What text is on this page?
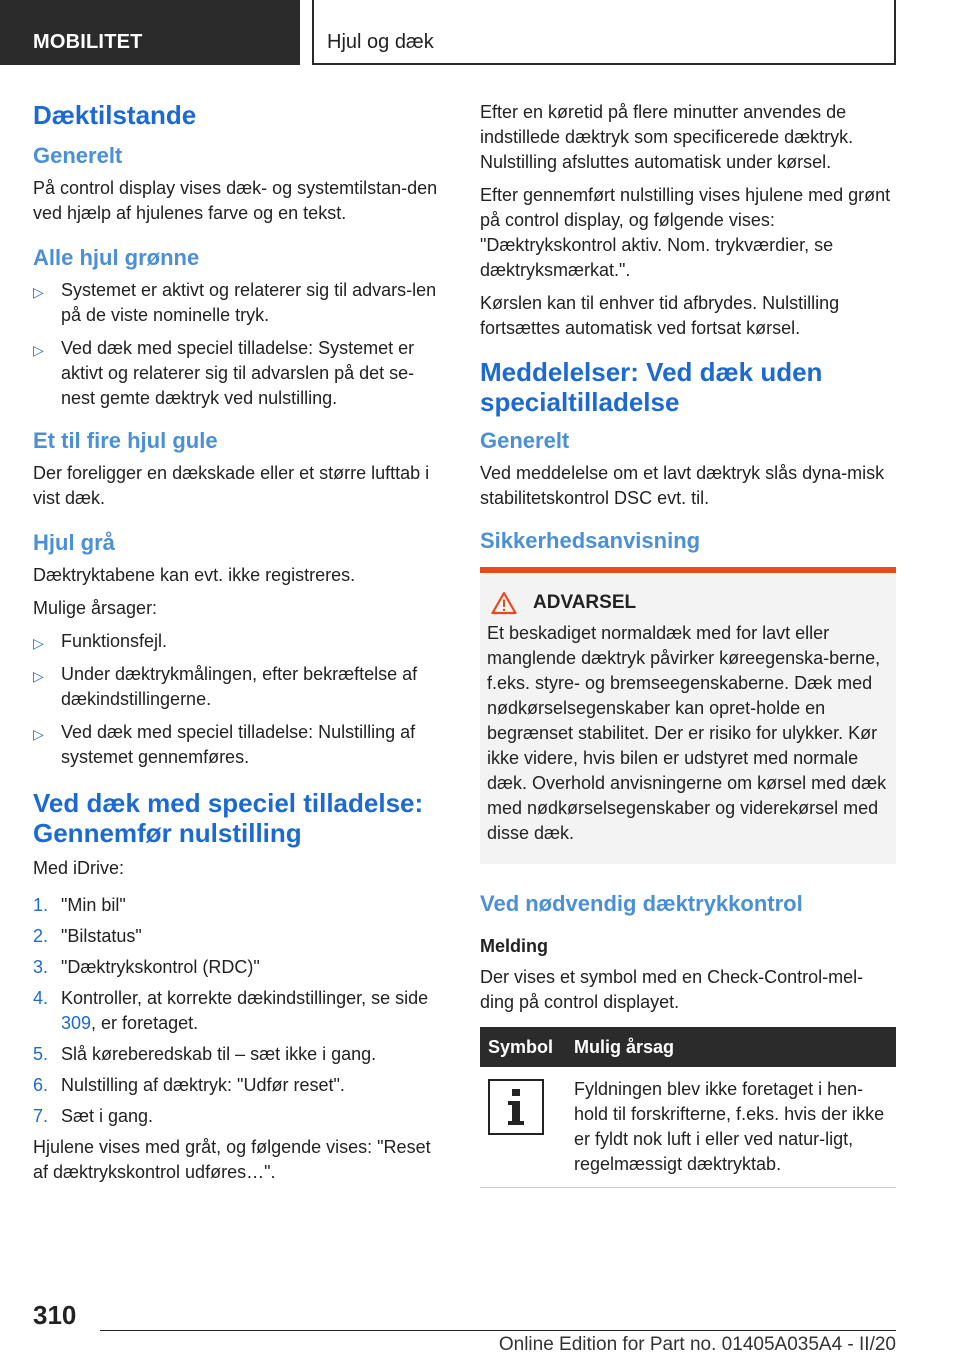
MOBILITET	Hjul og dæk
Dæktilstande
Generelt
På control display vises dæk- og systemtilstan-den ved hjælp af hjulenes farve og en tekst.
Alle hjul grønne
▷ Systemet er aktivt og relaterer sig til advars-len på de viste nominelle tryk.
▷ Ved dæk med speciel tilladelse: Systemet er aktivt og relaterer sig til advarslen på det se-nest gemte dæktryk ved nulstilling.
Et til fire hjul gule
Der foreligger en dækskade eller et større lufttab i vist dæk.
Hjul grå
Dæktryktabene kan evt. ikke registreres.
Mulige årsager:
▷ Funktionsfejl.
▷ Under dæktrykmålingen, efter bekræftelse af dækindstillingerne.
▷ Ved dæk med speciel tilladelse: Nulstilling af systemet gennemføres.
Ved dæk med speciel tilladelse: Gennemfør nulstilling
Med iDrive:
1. "Min bil"
2. "Bilstatus"
3. "Dæktrykskontrol (RDC)"
4. Kontroller, at korrekte dækindstillinger, se side 309, er foretaget.
5. Slå køreberedskab til – sæt ikke i gang.
6. Nulstilling af dæktryk: "Udfør reset".
7. Sæt i gang.
Hjulene vises med gråt, og følgende vises: "Reset af dæktrykskontrol udføres…".
Efter en køretid på flere minutter anvendes de indstillede dæktryk som specificerede dæktryk. Nulstilling afsluttes automatisk under kørsel.
Efter gennemført nulstilling vises hjulene med grønt på control display, og følgende vises: "Dæktrykskontrol aktiv. Nom. trykværdier, se dæktryksmærkat.".
Kørslen kan til enhver tid afbrydes. Nulstilling fortsættes automatisk ved fortsat kørsel.
Meddelelser: Ved dæk uden specialtilladelse
Generelt
Ved meddelelse om et lavt dæktryk slås dyna-misk stabilitetskontrol DSC evt. til.
Sikkerhedsanvisning
ADVARSEL
Et beskadiget normaldæk med for lavt eller manglende dæktryk påvirker køreegenska-berne, f.eks. styre- og bremseegenskaberne. Dæk med nødkørselsegenskaber kan opret-holde en begrænset stabilitet. Der er risiko for ulykker. Kør ikke videre, hvis bilen er udstyret med normale dæk. Overhold anvisningerne om kørsel med dæk med nødkørselsegenskaber og viderekørsel med disse dæk.
Ved nødvendig dæktrykkontrol
Melding
Der vises et symbol med en Check-Control-mel-ding på control displayet.
Symbol	Mulig årsag

	Fyldningen blev ikke foretaget i hen-hold til forskrifterne, f.eks. hvis der ikke er fyldt nok luft i eller ved natur-ligt, regelmæssigt dæktryktab.
310
Online Edition for Part no. 01405A035A4 - II/20
